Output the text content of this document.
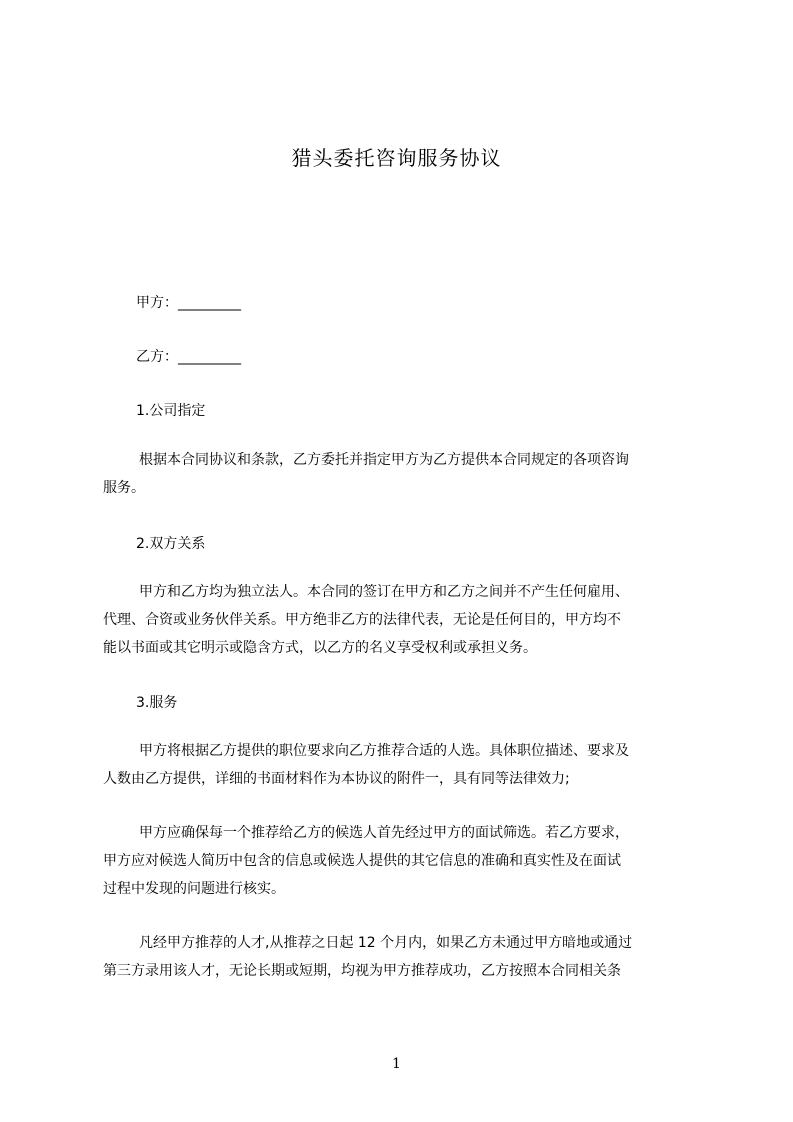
猎头委托咨询服务协议
甲方：_________
乙方：_________
1.公司指定
根据本合同协议和条款，乙方委托并指定甲方为乙方提供本合同规定的各项咨询
服务。
2.双方关系
甲方和乙方均为独立法人。本合同的签订在甲方和乙方之间并不产生任何雇用、
代理、合资或业务伙伴关系。甲方绝非乙方的法律代表，无论是任何目的，甲方均不
能以书面或其它明示或隐含方式，以乙方的名义享受权利或承担义务。
3.服务
甲方将根据乙方提供的职位要求向乙方推荐合适的人选。具体职位描述、要求及
人数由乙方提供，详细的书面材料作为本协议的附件一，具有同等法律效力;
甲方应确保每一个推荐给乙方的候选人首先经过甲方的面试筛选。若乙方要求，
甲方应对候选人简历中包含的信息或候选人提供的其它信息的准确和真实性及在面试
过程中发现的问题进行核实。
凡经甲方推荐的人才,从推荐之日起 12 个月内，如果乙方未通过甲方暗地或通过
第三方录用该人才，无论长期或短期，均视为甲方推荐成功，乙方按照本合同相关条
1
